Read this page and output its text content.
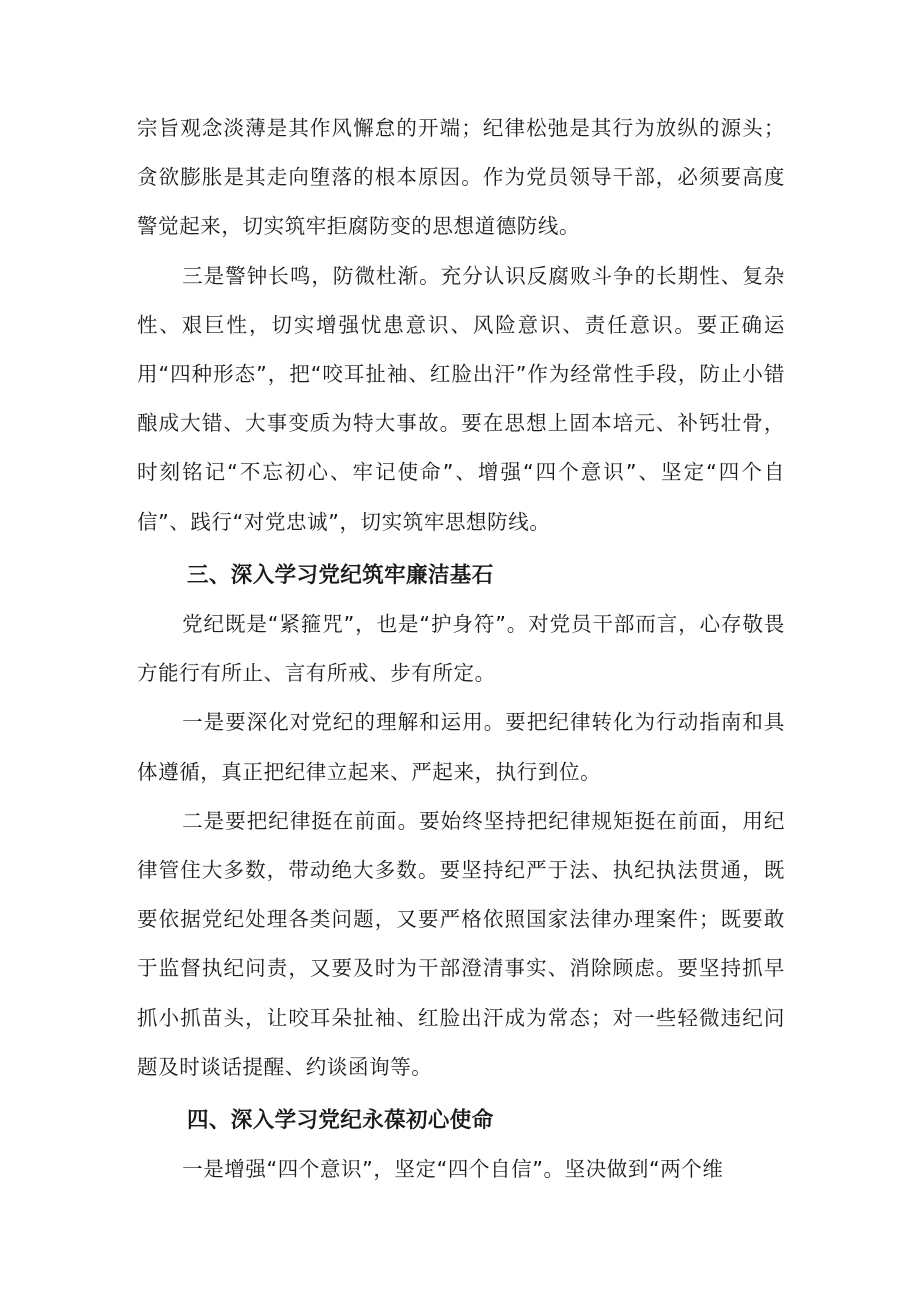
宗旨观念淡薄是其作风懈怠的开端；纪律松弛是其行为放纵的源头；贪欲膨胀是其走向堕落的根本原因。作为党员领导干部，必须要高度警觉起来，切实筑牢拒腐防变的思想道德防线。

三是警钟长鸣，防微杜渐。充分认识反腐败斗争的长期性、复杂性、艰巨性，切实增强忧患意识、风险意识、责任意识。要正确运用“四种形态”，把“咬耳扯袖、红脸出汗”作为经常性手段，防止小错酿成大错、大事变质为特大事故。要在思想上固本培元、补钙壮骨，时刻铭记“不忘初心、牢记使命”、增强“四个意识”、坚定“四个自信”、践行“对党忠诚”，切实筑牢思想防线。

三、深入学习党纪筑牢廉洁基石

党纪既是“紧箍咒”，也是“护身符”。对党员干部而言，心存敬畏方能行有所止、言有所戒、步有所定。

一是要深化对党纪的理解和运用。要把纪律转化为行动指南和具体遵循，真正把纪律立起来、严起来，执行到位。

二是要把纪律挺在前面。要始终坚持把纪律规矩挺在前面，用纪律管住大多数，带动绝大多数。要坚持纪严于法、执纪执法贯通，既要依据党纪处理各类问题，又要严格依照国家法律办理案件；既要敢于监督执纪问责，又要及时为干部澄清事实、消除顾虑。要坚持抓早抓小抓苗头，让咬耳朵扯袖、红脸出汗成为常态；对一些轻微违纪问题及时谈话提醒、约谈函询等。

四、深入学习党纪永葆初心使命

一是增强“四个意识”，坚定“四个自信”。坚决做到“两个维
